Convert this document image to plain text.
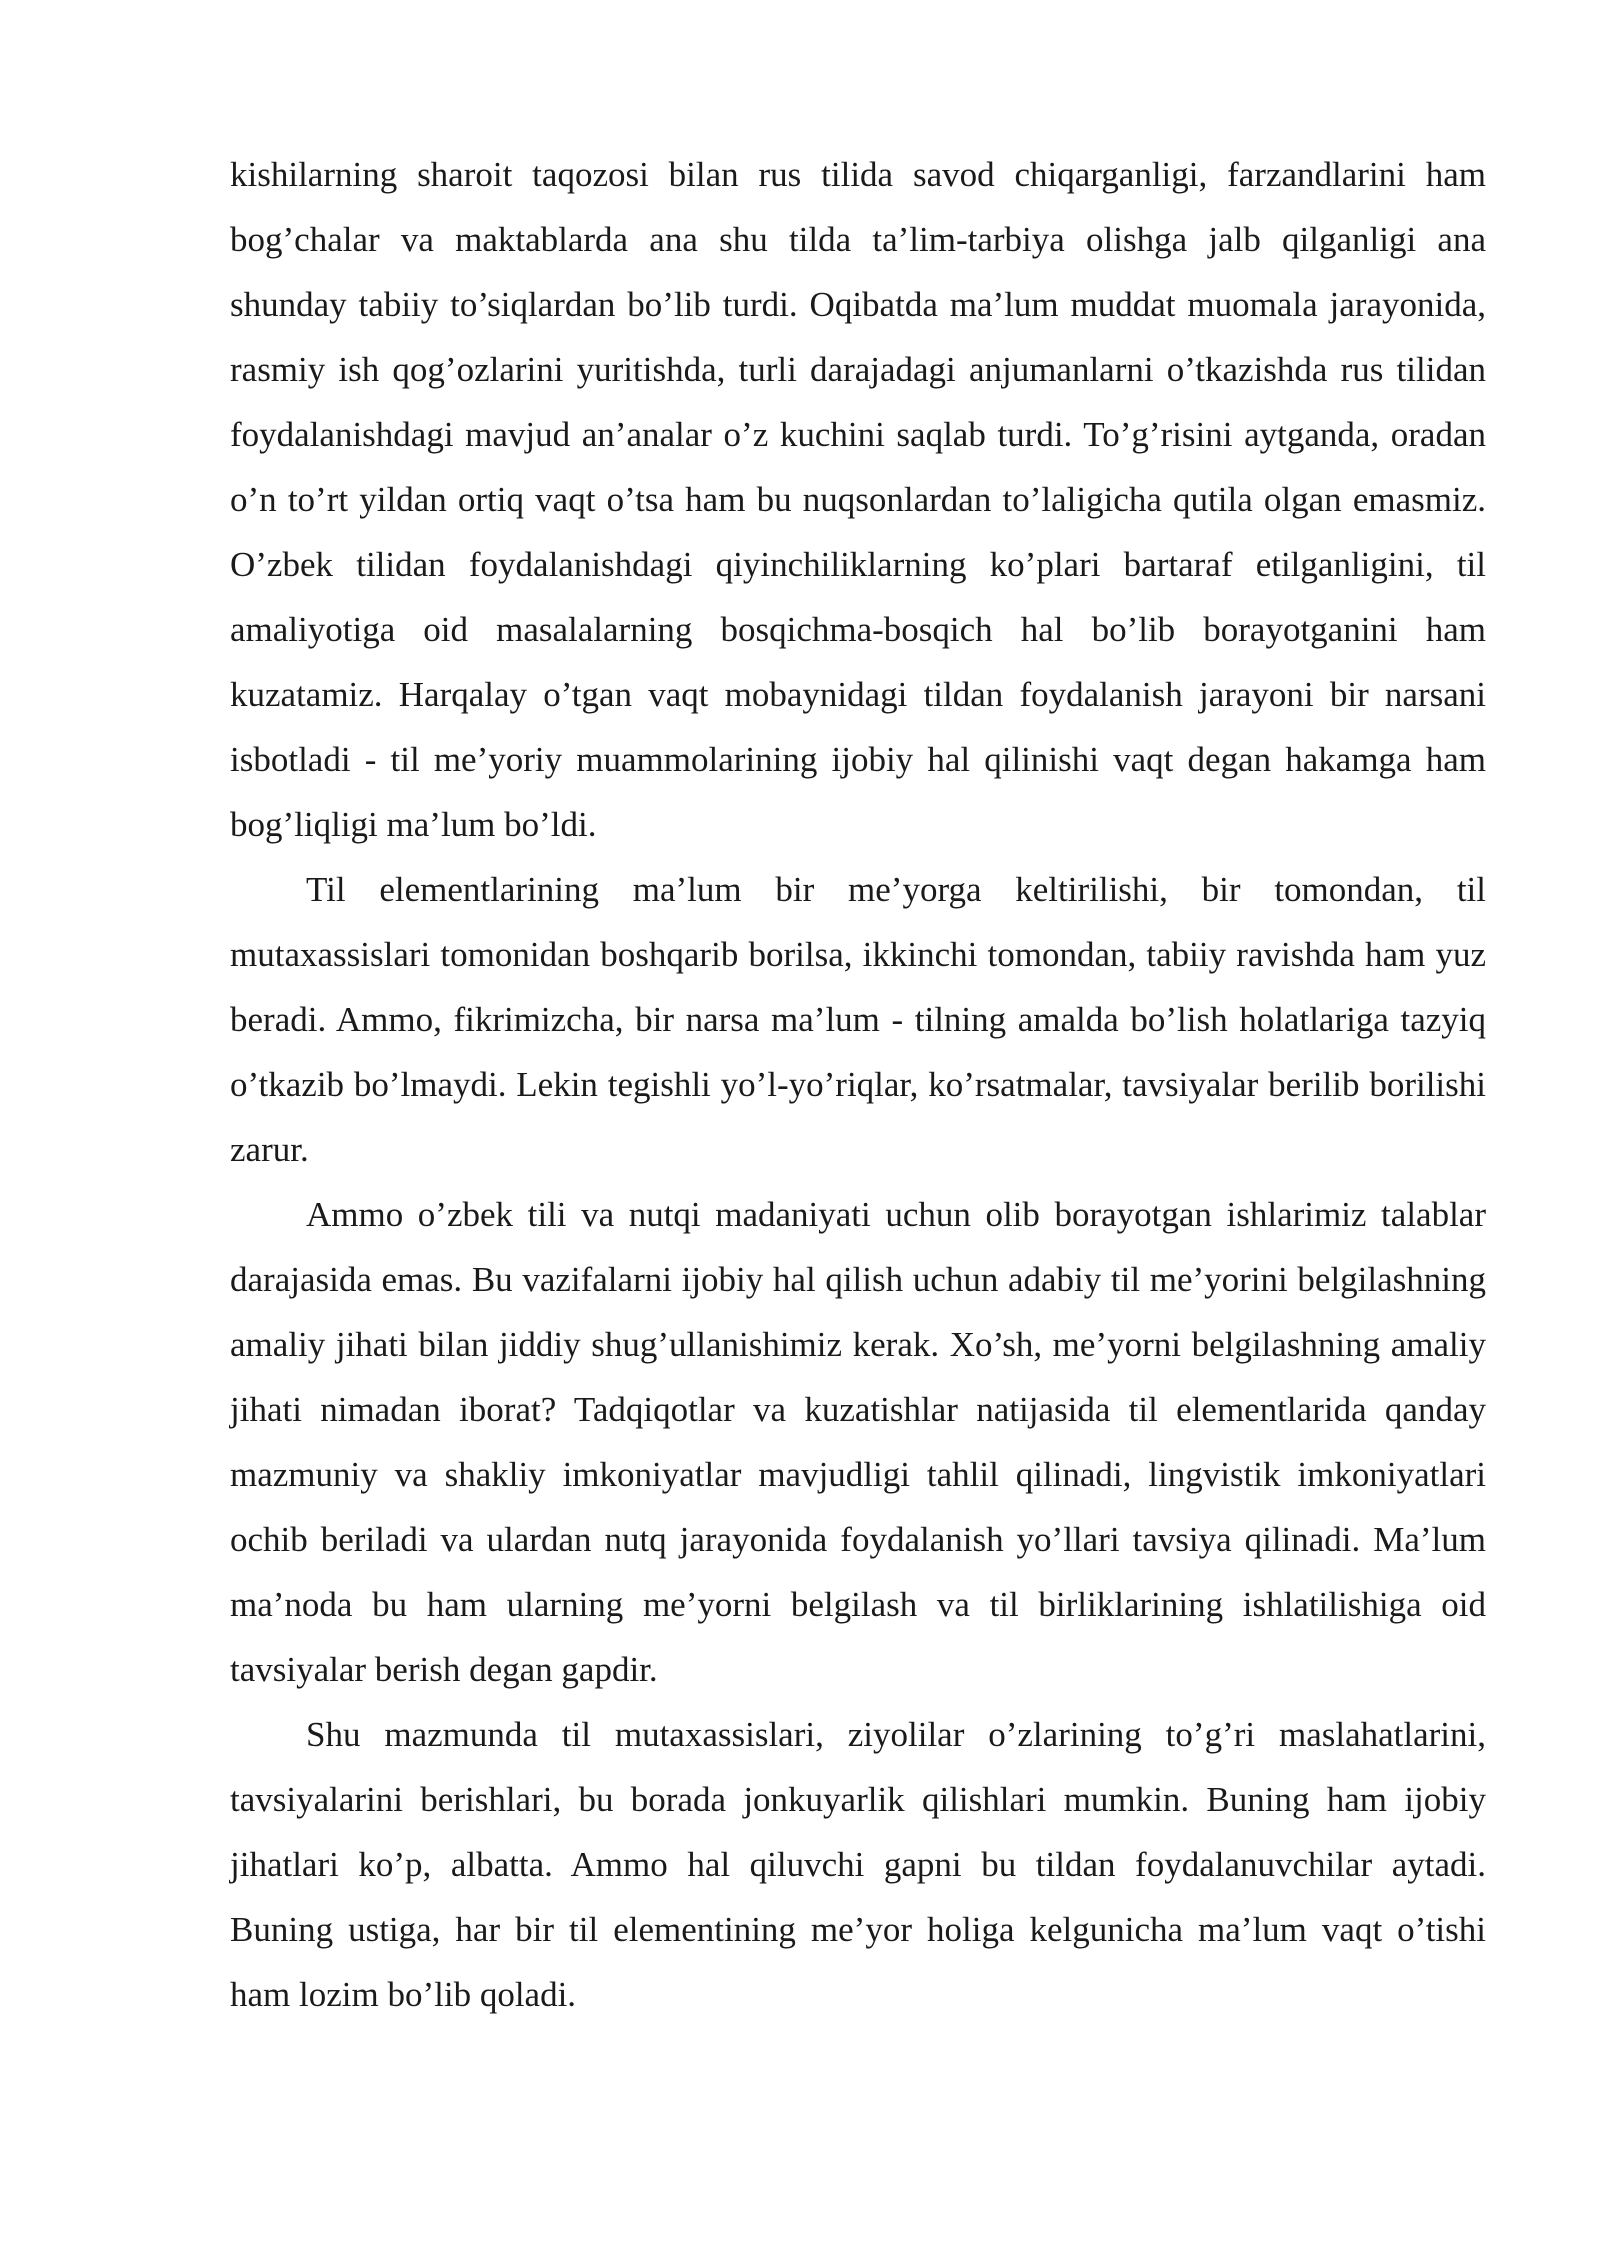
kishilarning sharoit taqozosi bilan rus tilida savod chiqarganligi, farzandlarini ham bog’chalar va maktablarda ana shu tilda ta’lim-tarbiya olishga jalb qilganligi ana shunday tabiiy to’siqlardan bo’lib turdi. Oqibatda ma’lum muddat muomala jarayonida, rasmiy ish qog’ozlarini yuritishda, turli darajadagi anjumanlarni o’tkazishda rus tilidan foydalanishdagi mavjud an’analar o’z kuchini saqlab turdi. To’g’risini aytganda, oradan o’n to’rt yildan ortiq vaqt o’tsa ham bu nuqsonlardan to’laligicha qutila olgan emasmiz. O’zbek tilidan foydalanishdagi qiyinchiliklarning ko’plari bartaraf etilganligini, til amaliyotiga oid masalalarning bosqichma-bosqich hal bo’lib borayotganini ham kuzatamiz. Harqalay o’tgan vaqt mobaynidagi tildan foydalanish jarayoni bir narsani isbotladi - til me’yoriy muammolarining ijobiy hal qilinishi vaqt degan hakamga ham bog’liqligi ma’lum bo’ldi.

Til elementlarining ma’lum bir me’yorga keltirilishi, bir tomondan, til mutaxassislari tomonidan boshqarib borilsa, ikkinchi tomondan, tabiiy ravishda ham yuz beradi. Ammo, fikrimizcha, bir narsa ma’lum - tilning amalda bo’lish holatlariga tazyiq o’tkazib bo’lmaydi. Lekin tegishli yo’l-yo’riqlar, ko’rsatmalar, tavsiyalar berilib borilishi zarur.

Ammo o’zbek tili va nutqi madaniyati uchun olib borayotgan ishlarimiz talablar darajasida emas. Bu vazifalarni ijobiy hal qilish uchun adabiy til me’yorini belgilashning amaliy jihati bilan jiddiy shug’ullanishimiz kerak. Xo’sh, me’yorni belgilashning amaliy jihati nimadan iborat? Tadqiqotlar va kuzatishlar natijasida til elementlarida qanday mazmuniy va shakliy imkoniyatlar mavjudligi tahlil qilinadi, lingvistik imkoniyatlari ochib beriladi va ulardan nutq jarayonida foydalanish yo’llari tavsiya qilinadi. Ma’lum ma’noda bu ham ularning me’yorni belgilash va til birliklarining ishlatilishiga oid tavsiyalar berish degan gapdir.

Shu mazmunda til mutaxassislari, ziyolilar o’zlarining to’g’ri maslahatlarini, tavsiyalarini berishlari, bu borada jonkuyarlik qilishlari mumkin. Buning ham ijobiy jihatlari ko’p, albatta. Ammo hal qiluvchi gapni bu tildan foydalanuvchilar aytadi. Buning ustiga, har bir til elementining me’yor holiga kelgunicha ma’lum vaqt o’tishi ham lozim bo’lib qoladi.
